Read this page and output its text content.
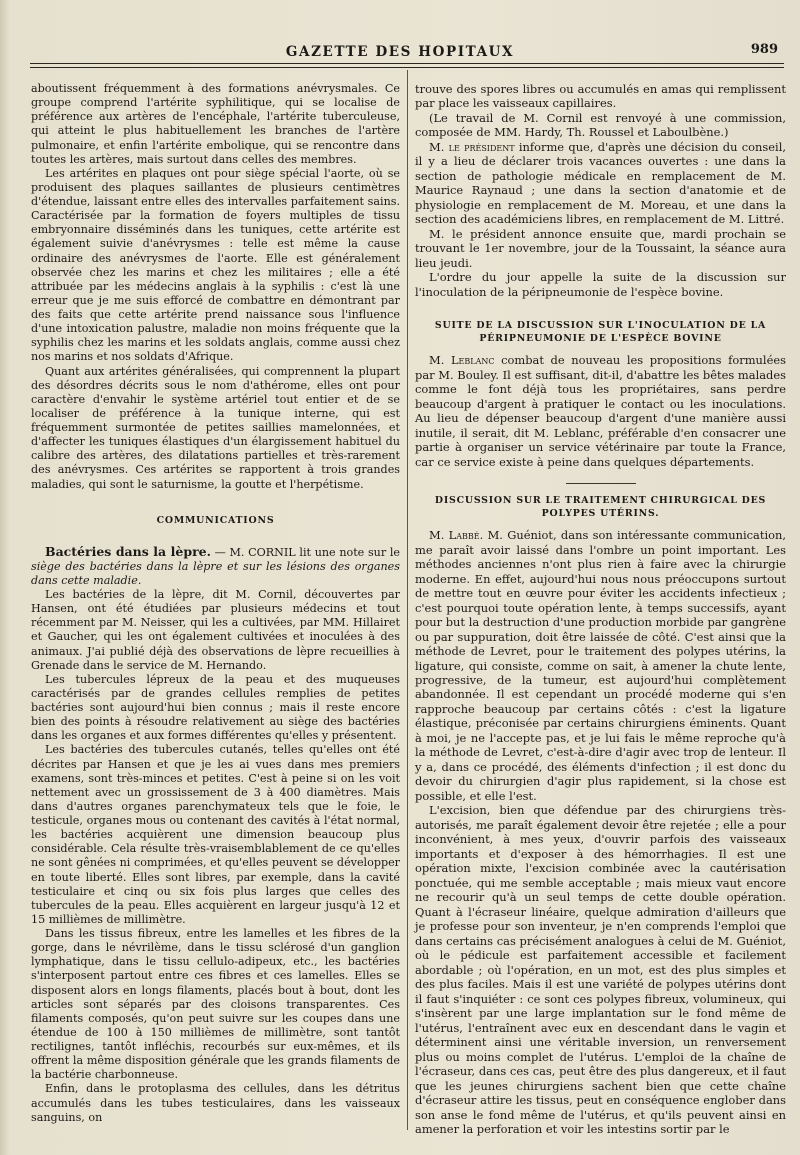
GAZETTE DES HOPITAUX	989

aboutissent fréquemment à des formations anévrysmales. Ce groupe comprend l'artérite syphilitique, qui se localise de préférence aux artères de l'encéphale, l'artérite tuberculeuse, qui atteint le plus habituellement les branches de l'artère pulmonaire, et enfin l'artérite embolique, qui se rencontre dans toutes les artères, mais surtout dans celles des membres.

Les artérites en plaques ont pour siège spécial l'aorte, où se produisent des plaques saillantes de plusieurs centimètres d'étendue, laissant entre elles des intervalles parfaitement sains. Caractérisée par la formation de foyers multiples de tissu embryonnaire disséminés dans les tuniques, cette artérite est également suivie d'anévrysmes : telle est même la cause ordinaire des anévrysmes de l'aorte. Elle est généralement observée chez les marins et chez les militaires ; elle a été attribuée par les médecins anglais à la syphilis : c'est là une erreur que je me suis efforcé de combattre en démontrant par des faits que cette artérite prend naissance sous l'influence d'une intoxication palustre, maladie non moins fréquente que la syphilis chez les marins et les soldats anglais, comme aussi chez nos marins et nos soldats d'Afrique.

Quant aux artérites généralisées, qui comprennent la plupart des désordres décrits sous le nom d'athérome, elles ont pour caractère d'envahir le système artériel tout entier et de se localiser de préférence à la tunique interne, qui est fréquemment surmontée de petites saillies mamelonnées, et d'affecter les tuniques élastiques d'un élargissement habituel du calibre des artères, des dilatations partielles et très-rarement des anévrysmes. Ces artérites se rapportent à trois grandes maladies, qui sont le saturnisme, la goutte et l'herpétisme.

COMMUNICATIONS

Bactéries dans la lèpre. — M. CORNIL lit une note sur le siège des bactéries dans la lèpre et sur les lésions des organes dans cette maladie.

Les bactéries de la lèpre, dit M. Cornil, découvertes par Hansen, ont été étudiées par plusieurs médecins et tout récemment par M. Neisser, qui les a cultivées, par MM. Hillairet et Gaucher, qui les ont également cultivées et inoculées à des animaux. J'ai publié déjà des observations de lèpre recueillies à Grenade dans le service de M. Hernando.

Les tubercules lépreux de la peau et des muqueuses caractérisés par de grandes cellules remplies de petites bactéries sont aujourd'hui bien connus ; mais il reste encore bien des points à résoudre relativement au siège des bactéries dans les organes et aux formes différentes qu'elles y présentent.

Les bactéries des tubercules cutanés, telles qu'elles ont été décrites par Hansen et que je les ai vues dans mes premiers examens, sont très-minces et petites. C'est à peine si on les voit nettement avec un grossissement de 3 à 400 diamètres. Mais dans d'autres organes parenchymateux tels que le foie, le testicule, organes mous ou contenant des cavités à l'état normal, les bactéries acquièrent une dimension beaucoup plus considérable. Cela résulte très-vraisemblablement de ce qu'elles ne sont gênées ni comprimées, et qu'elles peuvent se développer en toute liberté. Elles sont libres, par exemple, dans la cavité testiculaire et cinq ou six fois plus larges que celles des tubercules de la peau. Elles acquièrent en largeur jusqu'à 12 et 15 millièmes de millimètre.

Dans les tissus fibreux, entre les lamelles et les fibres de la gorge, dans le névrilème, dans le tissu sclérosé d'un ganglion lymphatique, dans le tissu cellulo-adipeux, etc., les bactéries s'interposent partout entre ces fibres et ces lamelles. Elles se disposent alors en longs filaments, placés bout à bout, dont les articles sont séparés par des cloisons transparentes. Ces filaments composés, qu'on peut suivre sur les coupes dans une étendue de 100 à 150 millièmes de millimètre, sont tantôt rectilignes, tantôt infléchis, recourbés sur eux-mêmes, et ils offrent la même disposition générale que les grands filaments de la bactérie charbonneuse.

Enfin, dans le protoplasma des cellules, dans les détritus accumulés dans les tubes testiculaires, dans les vaisseaux sanguins, on

trouve des spores libres ou accumulés en amas qui remplissent par place les vaisseaux capillaires.

(Le travail de M. Cornil est renvoyé à une commission, composée de MM. Hardy, Th. Roussel et Laboulbène.)

M. le président informe que, d'après une décision du conseil, il y a lieu de déclarer trois vacances ouvertes : une dans la section de pathologie médicale en remplacement de M. Maurice Raynaud ; une dans la section d'anatomie et de physiologie en remplacement de M. Moreau, et une dans la section des académiciens libres, en remplacement de M. Littré.

M. le président annonce ensuite que, mardi prochain se trouvant le 1er novembre, jour de la Toussaint, la séance aura lieu jeudi.

L'ordre du jour appelle la suite de la discussion sur l'inoculation de la péripneumonie de l'espèce bovine.

SUITE DE LA DISCUSSION SUR L'INOCULATION DE LA PÉRIPNEUMONIE DE L'ESPÈCE BOVINE

M. Leblanc combat de nouveau les propositions formulées par M. Bouley. Il est suffisant, dit-il, d'abattre les bêtes malades comme le font déjà tous les propriétaires, sans perdre beaucoup d'argent à pratiquer le contact ou les inoculations. Au lieu de dépenser beaucoup d'argent d'une manière aussi inutile, il serait, dit M. Leblanc, préférable d'en consacrer une partie à organiser un service vétérinaire par toute la France, car ce service existe à peine dans quelques départements.

DISCUSSION SUR LE TRAITEMENT CHIRURGICAL DES POLYPES UTÉRINS.

M. Labbé. M. Guéniot, dans son intéressante communication, me paraît avoir laissé dans l'ombre un point important. Les méthodes anciennes n'ont plus rien à faire avec la chirurgie moderne. En effet, aujourd'hui nous nous préoccupons surtout de mettre tout en œuvre pour éviter les accidents infectieux ; c'est pourquoi toute opération lente, à temps successifs, ayant pour but la destruction d'une production morbide par gangrène ou par suppuration, doit être laissée de côté. C'est ainsi que la méthode de Levret, pour le traitement des polypes utérins, la ligature, qui consiste, comme on sait, à amener la chute lente, progressive, de la tumeur, est aujourd'hui complètement abandonnée. Il est cependant un procédé moderne qui s'en rapproche beaucoup par certains côtés : c'est la ligature élastique, préconisée par certains chirurgiens éminents. Quant à moi, je ne l'accepte pas, et je lui fais le même reproche qu'à la méthode de Levret, c'est-à-dire d'agir avec trop de lenteur. Il y a, dans ce procédé, des éléments d'infection ; il est donc du devoir du chirurgien d'agir plus rapidement, si la chose est possible, et elle l'est.

L'excision, bien que défendue par des chirurgiens très-autorisés, me paraît également devoir être rejetée ; elle a pour inconvénient, à mes yeux, d'ouvrir parfois des vaisseaux importants et d'exposer à des hémorrhagies. Il est une opération mixte, l'excision combinée avec la cautérisation ponctuée, qui me semble acceptable ; mais mieux vaut encore ne recourir qu'à un seul temps de cette double opération. Quant à l'écraseur linéaire, quelque admiration d'ailleurs que je professe pour son inventeur, je n'en comprends l'emploi que dans certains cas précisément analogues à celui de M. Guéniot, où le pédicule est parfaitement accessible et facilement abordable ; où l'opération, en un mot, est des plus simples et des plus faciles. Mais il est une variété de polypes utérins dont il faut s'inquiéter : ce sont ces polypes fibreux, volumineux, qui s'insèrent par une large implantation sur le fond même de l'utérus, l'entraînent avec eux en descendant dans le vagin et déterminent ainsi une véritable inversion, un renversement plus ou moins complet de l'utérus. L'emploi de la chaîne de l'écraseur, dans ces cas, peut être des plus dangereux, et il faut que les jeunes chirurgiens sachent bien que cette chaîne d'écraseur attire les tissus, peut en conséquence englober dans son anse le fond même de l'utérus, et qu'ils peuvent ainsi en amener la perforation et voir les intestins sortir par le
